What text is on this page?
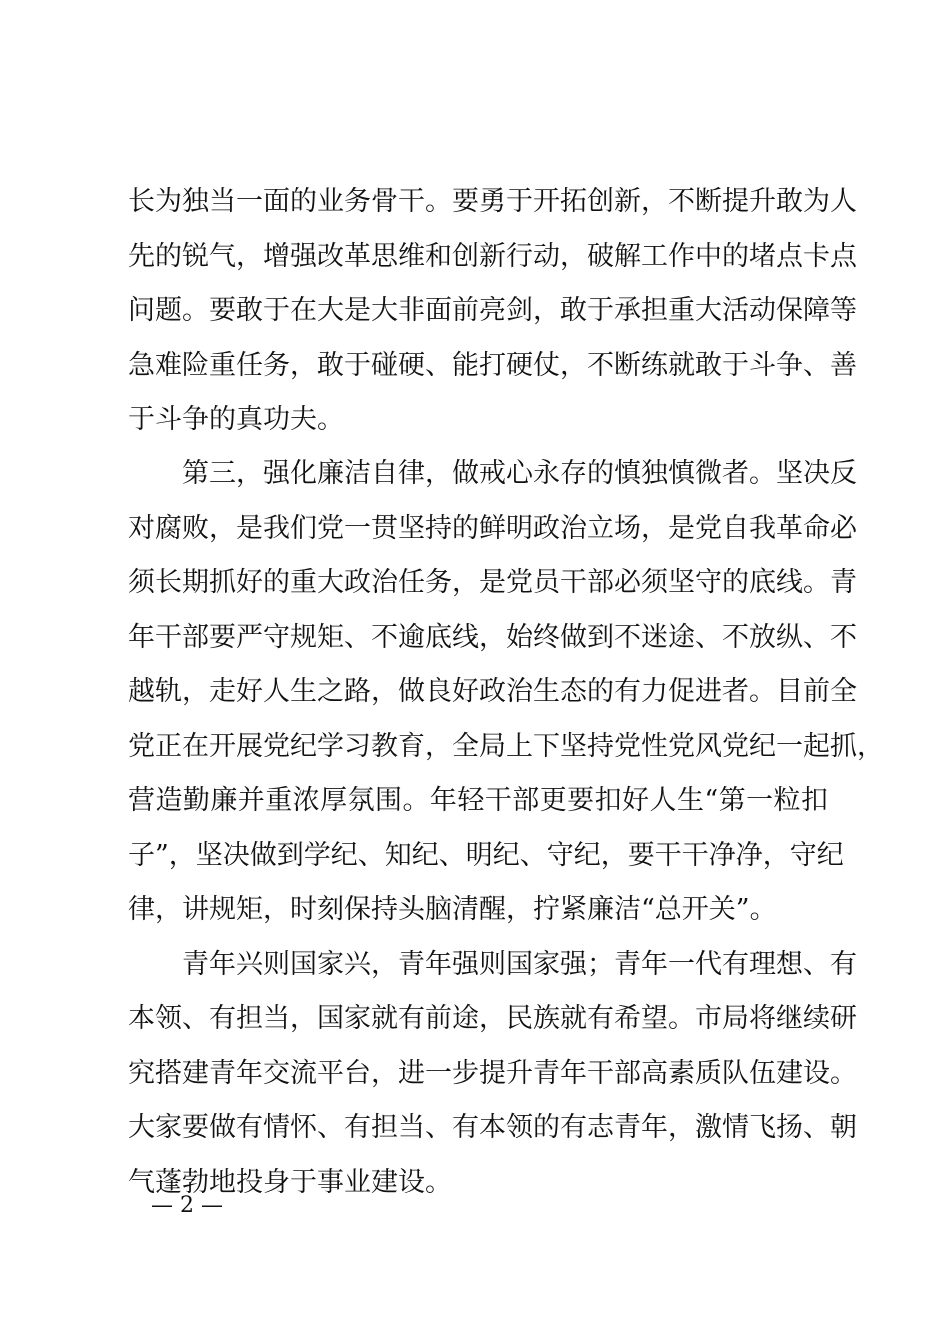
长为独当一面的业务骨干。要勇于开拓创新，不断提升敢为人
先的锐气，增强改革思维和创新行动，破解工作中的堵点卡点
问题。要敢于在大是大非面前亮剑，敢于承担重大活动保障等
急难险重任务，敢于碰硬、能打硬仗，不断练就敢于斗争、善
于斗争的真功夫。
第三，强化廉洁自律，做戒心永存的慎独慎微者。坚决反
对腐败，是我们党一贯坚持的鲜明政治立场，是党自我革命必
须长期抓好的重大政治任务，是党员干部必须坚守的底线。青
年干部要严守规矩、不逾底线，始终做到不迷途、不放纵、不
越轨，走好人生之路，做良好政治生态的有力促进者。目前全
党正在开展党纪学习教育，全局上下坚持党性党风党纪一起抓，
营造勤廉并重浓厚氛围。年轻干部更要扣好人生“第一粒扣
子”，坚决做到学纪、知纪、明纪、守纪，要干干净净，守纪
律，讲规矩，时刻保持头脑清醒，拧紧廉洁“总开关”。
青年兴则国家兴，青年强则国家强；青年一代有理想、有
本领、有担当，国家就有前途，民族就有希望。市局将继续研
究搭建青年交流平台，进一步提升青年干部高素质队伍建设。
大家要做有情怀、有担当、有本领的有志青年，激情飞扬、朝
气蓬勃地投身于事业建设。
— 2 —
